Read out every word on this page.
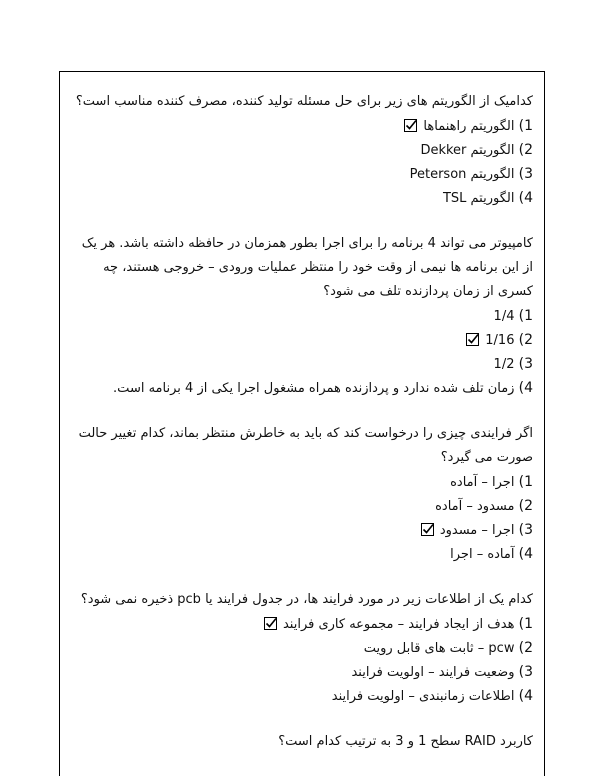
کدامیک از الگوریتم های زیر برای حل مسئله تولید کننده، مصرف کننده مناسب است؟

1) الگوریتم راهنماها
2) الگوریتم Dekker
3) الگوریتم Peterson
4) الگوریتم TSL

کامپیوتر می تواند 4 برنامه را برای اجرا بطور همزمان در حافظه داشته باشد. هر یک از این برنامه ها نیمی از وقت خود را منتظر عملیات ورودی – خروجی هستند، چه کسری از زمان پردازنده تلف می شود؟

1) 1/4
2) 1/16
3) 1/2
4) زمان تلف شده ندارد و پردازنده همراه مشغول اجرا یکی از 4 برنامه است.

اگر فرایندی چیزی را درخواست کند که باید به خاطرش منتظر بماند، کدام تغییر حالت صورت می گیرد؟

1) اجرا – آماده
2) مسدود – آماده
3) اجرا – مسدود
4) آماده – اجرا

کدام یک از اطلاعات زیر در مورد فرایند ها، در جدول فرایند یا pcb ذخیره نمی شود؟

1) هدف از ایجاد فرایند – مجموعه کاری فرایند
2) pcw – ثابت های قابل رویت
3) وضعیت فرایند – اولویت فرایند
4) اطلاعات زمانبندی – اولویت فرایند

کاربرد RAID سطح 1 و 3 به ترتیب کدام است؟
